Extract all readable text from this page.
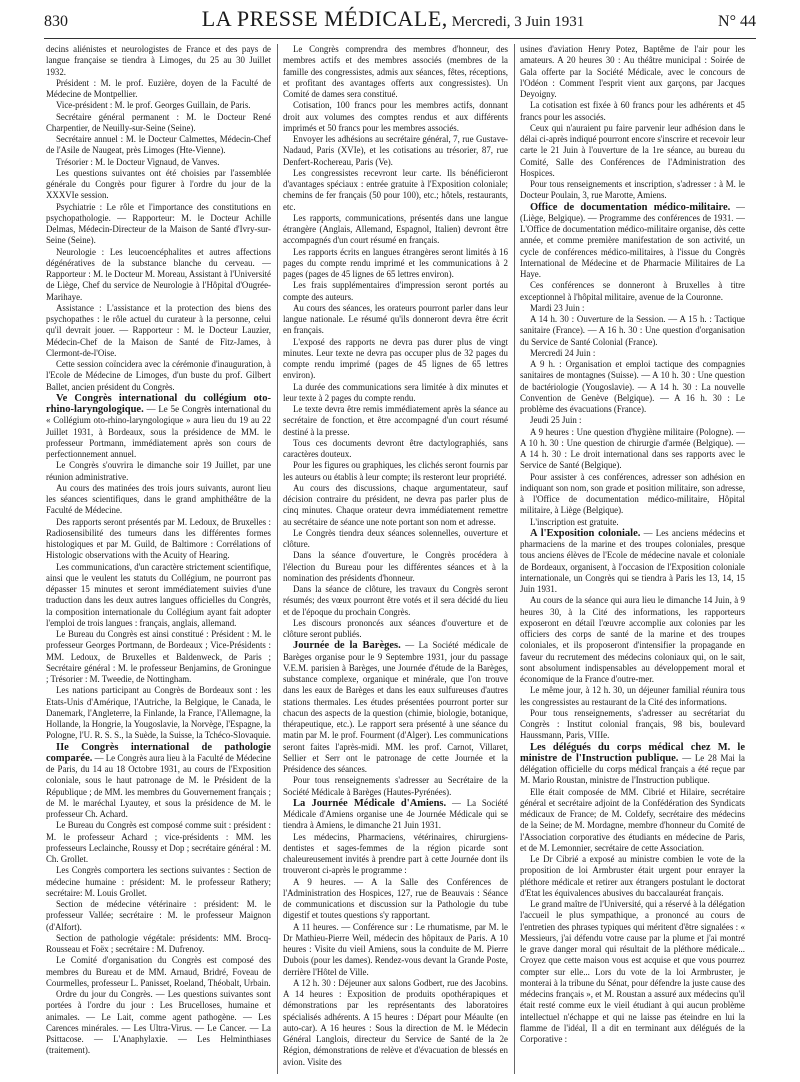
830	LA PRESSE MÉDICALE, Mercredi, 3 Juin 1931	N° 44

decins aliénistes et neurologistes de France et des pays de langue française se tiendra à Limoges, du 25 au 30 Juillet 1932.

Président : M. le prof. Euzière, doyen de la Faculté de Médecine de Montpellier.

Vice-président : M. le prof. Georges Guillain, de Paris.

Secrétaire général permanent : M. le Docteur René Charpentier, de Neuilly-sur-Seine (Seine).

Secrétaire annuel : M. le Docteur Calmettes, Médecin-Chef de l'Asile de Naugeat, près Limoges (Hte-Vienne).

Trésorier : M. le Docteur Vignaud, de Vanves.

Les questions suivantes ont été choisies par l'assemblée générale du Congrès pour figurer à l'ordre du jour de la XXXVIe session.

Psychiatrie : Le rôle et l'importance des constitutions en psychopathologie. — Rapporteur: M. le Docteur Achille Delmas, Médecin-Directeur de la Maison de Santé d'Ivry-sur-Seine (Seine).

Neurologie : Les leucoencéphalites et autres affections dégénératives de la substance blanche du cerveau. — Rapporteur : M. le Docteur M. Moreau, Assistant à l'Université de Liège, Chef du service de Neurologie à l'Hôpital d'Ougrée-Marihaye.

Assistance : L'assistance et la protection des biens des psychopathes : le rôle actuel du curateur à la personne, celui qu'il devrait jouer. — Rapporteur : M. le Docteur Lauzier, Médecin-Chef de la Maison de Santé de Fitz-James, à Clermont-de-l'Oise.

Cette session coïncidera avec la cérémonie d'inauguration, à l'Ecole de Médecine de Limoges, d'un buste du prof. Gilbert Ballet, ancien président du Congrès.

Ve Congrès international du collégium oto-rhino-laryngologique. — Le 5e Congrès international du « Collégium oto-rhino-laryngologique » aura lieu du 19 au 22 Juillet 1931, à Bordeaux, sous la présidence de MM. le professeur Portmann, immédiatement après son cours de perfectionnement annuel.

Le Congrès s'ouvrira le dimanche soir 19 Juillet, par une réunion administrative.

Au cours des matinées des trois jours suivants, auront lieu les séances scientifiques, dans le grand amphithéâtre de la Faculté de Médecine.

Des rapports seront présentés par M. Ledoux, de Bruxelles : Radiosensibilité des tumeurs dans les différentes formes histologiques et par M. Guild, de Baltimore : Corrélations of Histologic observations with the Acuity of Hearing.

Les communications, d'un caractère strictement scientifique, ainsi que le veulent les statuts du Collégium, ne pourront pas dépasser 15 minutes et seront immédiatement suivies d'une traduction dans les deux autres langues officielles du Congrès, la composition internationale du Collégium ayant fait adopter l'emploi de trois langues : français, anglais, allemand.

Le Bureau du Congrès est ainsi constitué : Président : M. le professeur Georges Portmann, de Bordeaux ; Vice-Présidents : MM. Ledoux, de Bruxelles et Baldenweck, de Paris ; Secrétaire général : M. le professeur Benjamins, de Groningue ; Trésorier : M. Tweedie, de Nottingham.

Les nations participant au Congrès de Bordeaux sont : les Etats-Unis d'Amérique, l'Autriche, la Belgique, le Canada, le Danemark, l'Angleterre, la Finlande, la France, l'Allemagne, la Hollande, la Hongrie, la Yougoslavie, la Norvège, l'Espagne, la Pologne, l'U. R. S. S., la Suède, la Suisse, la Tchéco-Slovaquie.

IIe Congrès international de pathologie comparée. — Le Congrès aura lieu à la Faculté de Médecine de Paris, du 14 au 18 Octobre 1931, au cours de l'Exposition coloniale, sous le haut patronage de M. le Président de la République ; de MM. les membres du Gouvernement français ; de M. le maréchal Lyautey, et sous la présidence de M. le professeur Ch. Achard.

Le Bureau du Congrès est composé comme suit : président : M. le professeur Achard ; vice-présidents : MM. les professeurs Leclainche, Roussy et Dop ; secrétaire général : M. Ch. Grollet.

Les Congrès comportera les sections suivantes : Section de médecine humaine : président: M. le professeur Rathery; secrétaire: M. Louis Grollet.

Section de médecine vétérinaire : président: M. le professeur Vallée; secrétaire : M. le professeur Maignon (d'Alfort).

Section de pathologie végétale: présidents: MM. Brocq-Rousseau et Foëx ; secrétaire : M. Dufrenoy.

Le Comité d'organisation du Congrès est composé des membres du Bureau et de MM. Arnaud, Bridré, Foveau de Courmelles, professeur L. Panisset, Roeland, Théobalt, Urbain.

Ordre du jour du Congrès. — Les questions suivantes sont portées à l'ordre du jour : Les Brucelloses, humaine et animales. — Le Lait, comme agent pathogène. — Les Carences minérales. — Les Ultra-Virus. — Le Cancer. — La Psittacose. — L'Anaphylaxie. — Les Helminthiases (traitement).

Le Congrès comprendra des membres d'honneur, des membres actifs et des membres associés (membres de la famille des congressistes, admis aux séances, fêtes, réceptions, et profitant des avantages offerts aux congressistes). Un Comité de dames sera constitué.

Cotisation, 100 francs pour les membres actifs, donnant droit aux volumes des comptes rendus et aux différents imprimés et 50 francs pour les membres associés.

Envoyer les adhésions au secrétaire général, 7, rue Gustave-Nadaud, Paris (XVIe), et les cotisations au trésorier, 87, rue Denfert-Rochereau, Paris (Ve).

Les congressistes recevront leur carte. Ils bénéficieront d'avantages spéciaux : entrée gratuite à l'Exposition coloniale; chemins de fer français (50 pour 100), etc.; hôtels, restaurants, etc.

Les rapports, communications, présentés dans une langue étrangère (Anglais, Allemand, Espagnol, Italien) devront être accompagnés d'un court résumé en français.

Les rapports écrits en langues étrangères seront limités à 16 pages du compte rendu imprimé et les communications à 2 pages (pages de 45 lignes de 65 lettres environ).

Les frais supplémentaires d'impression seront portés au compte des auteurs.

Au cours des séances, les orateurs pourront parler dans leur langue nationale. Le résumé qu'ils donneront devra être écrit en français.

L'exposé des rapports ne devra pas durer plus de vingt minutes. Leur texte ne devra pas occuper plus de 32 pages du compte rendu imprimé (pages de 45 lignes de 65 lettres environ).

La durée des communications sera limitée à dix minutes et leur texte à 2 pages du compte rendu.

Le texte devra être remis immédiatement après la séance au secrétaire de fonction, et être accompagné d'un court résumé destiné à la presse.

Tous ces documents devront être dactylographiés, sans caractères douteux.

Pour les figures ou graphiques, les clichés seront fournis par les auteurs ou établis à leur compte; ils resteront leur propriété.

Au cours des discussions, chaque argumentateur, sauf décision contraire du président, ne devra pas parler plus de cinq minutes. Chaque orateur devra immédiatement remettre au secrétaire de séance une note portant son nom et adresse.

Le Congrès tiendra deux séances solennelles, ouverture et clôture.

Dans la séance d'ouverture, le Congrès procédera à l'élection du Bureau pour les différentes séances et à la nomination des présidents d'honneur.

Dans la séance de clôture, les travaux du Congrès seront résumés; des vœux pourront être votés et il sera décidé du lieu et de l'époque du prochain Congrès.

Les discours prononcés aux séances d'ouverture et de clôture seront publiés.

Journée de la Barèges. — La Société médicale de Barèges organise pour le 9 Septembre 1931, jour du passage V.E.M. parisien à Barèges, une Journée d'étude de la Barèges, substance complexe, organique et minérale, que l'on trouve dans les eaux de Barèges et dans les eaux sulfureuses d'autres stations thermales. Les études présentées pourront porter sur chacun des aspects de la question (chimie, biologie, botanique, thérapeutique, etc.). Le rapport sera présenté à une séance du matin par M. le prof. Fourment (d'Alger). Les communications seront faites l'après-midi. MM. les prof. Carnot, Villaret, Sellier et Serr ont le patronage de cette Journée et la Présidence des séances.

Pour tous renseignements s'adresser au Secrétaire de la Société Médicale à Barèges (Hautes-Pyrénées).

La Journée Médicale d'Amiens. — La Société Médicale d'Amiens organise une 4e Journée Médicale qui se tiendra à Amiens, le dimanche 21 Juin 1931.

Les médecins, Pharmaciens, vétérinaires, chirurgiens-dentistes et sages-femmes de la région picarde sont chaleureusement invités à prendre part à cette Journée dont ils trouveront ci-après le programme :

A 9 heures. — A la Salle des Conférences de l'Administration des Hospices, 127, rue de Beauvais : Séance de communications et discussion sur la Pathologie du tube digestif et toutes questions s'y rapportant.

A 11 heures. — Conférence sur : Le rhumatisme, par M. le Dr Mathieu-Pierre Weil, médecin des hôpitaux de Paris. A 10 heures : Visite du vieil Amiens, sous la conduite de M. Pierre Dubois (pour les dames). Rendez-vous devant la Grande Poste, derrière l'Hôtel de Ville.

A 12 h. 30 : Déjeuner aux salons Godbert, rue des Jacobins. A 14 heures : Exposition de produits opothérapiques et démonstrations par les représentants des laboratoires spécialisés adhérents. A 15 heures : Départ pour Méaulte (en auto-car). A 16 heures : Sous la direction de M. le Médecin Général Langlois, directeur du Service de Santé de la 2e Région, démonstrations de relève et d'évacuation de blessés en avion. Visite des

usines d'aviation Henry Potez, Baptême de l'air pour les amateurs. A 20 heures 30 : Au théâtre municipal : Soirée de Gala offerte par la Société Médicale, avec le concours de l'Odéon : Comment l'esprit vient aux garçons, par Jacques Deyoigny.

La cotisation est fixée à 60 francs pour les adhérents et 45 francs pour les associés.

Ceux qui n'auraient pu faire parvenir leur adhésion dans le délai ci-après indiqué pourront encore s'inscrire et recevoir leur carte le 21 Juin à l'ouverture de la 1re séance, au bureau du Comité, Salle des Conférences de l'Administration des Hospices.

Pour tous renseignements et inscription, s'adresser : à M. le Docteur Poulain, 3, rue Marotte, Amiens.

Office de documentation médico-militaire. — (Liège, Belgique). — Programme des conférences de 1931. — L'Office de documentation médico-militaire organise, dès cette année, et comme première manifestation de son activité, un cycle de conférences médico-militaires, à l'issue du Congrès International de Médecine et de Pharmacie Militaires de La Haye.

Ces conférences se donneront à Bruxelles à titre exceptionnel à l'hôpital militaire, avenue de la Couronne.

Mardi 23 Juin :

A 14 h. 30 : Ouverture de la Session. — A 15 h. : Tactique sanitaire (France). — A 16 h. 30 : Une question d'organisation du Service de Santé Colonial (France).

Mercredi 24 Juin :

A 9 h. : Organisation et emploi tactique des compagnies sanitaires de montagnes (Suisse). — A 10 h. 30 : Une question de bactériologie (Yougoslavie). — A 14 h. 30 : La nouvelle Convention de Genève (Belgique). — A 16 h. 30 : Le problème des évacuations (France).

Jeudi 25 Juin :

A 9 heures : Une question d'hygiène militaire (Pologne). — A 10 h. 30 : Une question de chirurgie d'armée (Belgique). — A 14 h. 30 : Le droit international dans ses rapports avec le Service de Santé (Belgique).

Pour assister à ces conférences, adresser son adhésion en indiquant son nom, son grade et position militaire, son adresse, à l'Office de documentation médico-militaire, Hôpital militaire, à Liège (Belgique).

L'inscription est gratuite.

A l'Exposition coloniale. — Les anciens médecins et pharmaciens de la marine et des troupes coloniales, presque tous anciens élèves de l'Ecole de médecine navale et coloniale de Bordeaux, organisent, à l'occasion de l'Exposition coloniale internationale, un Congrès qui se tiendra à Paris les 13, 14, 15 Juin 1931.

Au cours de la séance qui aura lieu le dimanche 14 Juin, à 9 heures 30, à la Cité des informations, les rapporteurs exposeront en détail l'œuvre accomplie aux colonies par les officiers des corps de santé de la marine et des troupes coloniales, et ils proposeront d'intensifier la propagande en faveur du recrutement des médecins coloniaux qui, on le sait, sont absolument indispensables au développement moral et économique de la France d'outre-mer.

Le même jour, à 12 h. 30, un déjeuner familial réunira tous les congressistes au restaurant de la Cité des informations.

Pour tous renseignements, s'adresser au secrétariat du Congrès : Institut colonial français, 98 bis, boulevard Haussmann, Paris, VIIIe.

Les délégués du corps médical chez M. le ministre de l'Instruction publique. — Le 28 Mai la délégation officielle du corps médical français a été reçue par M. Mario Roustan, ministre de l'Instruction publique.

Elle était composée de MM. Cibrié et Hilaire, secrétaire général et secrétaire adjoint de la Confédération des Syndicats médicaux de France; de M. Coldefy, secrétaire des médecins de la Seine; de M. Mordagne, membre d'honneur du Comité de l'Association corporative des étudiants en médecine de Paris, et de M. Lemonnier, secrétaire de cette Association.

Le Dr Cibrié a exposé au ministre combien le vote de la proposition de loi Armbruster était urgent pour enrayer la pléthore médicale et retirer aux étrangers postulant le doctorat d'Etat les équivalences abusives du baccalauréat français.

Le grand maître de l'Université, qui a réservé à la délégation l'accueil le plus sympathique, a prononcé au cours de l'entretien des phrases typiques qui méritent d'être signalées : « Messieurs, j'ai défendu votre cause par la plume et j'ai montré le grave danger moral qui résultait de la pléthore médicale... Croyez que cette maison vous est acquise et que vous pourrez compter sur elle... Lors du vote de la loi Armbruster, je monterai à la tribune du Sénat, pour défendre la juste cause des médecins français », et M. Roustan a assuré aux médecins qu'il était resté comme eux le vieil étudiant à qui aucun problème intellectuel n'échappe et qui ne laisse pas éteindre en lui la flamme de l'idéal, Il a dit en terminant aux délégués de la Corporative :
